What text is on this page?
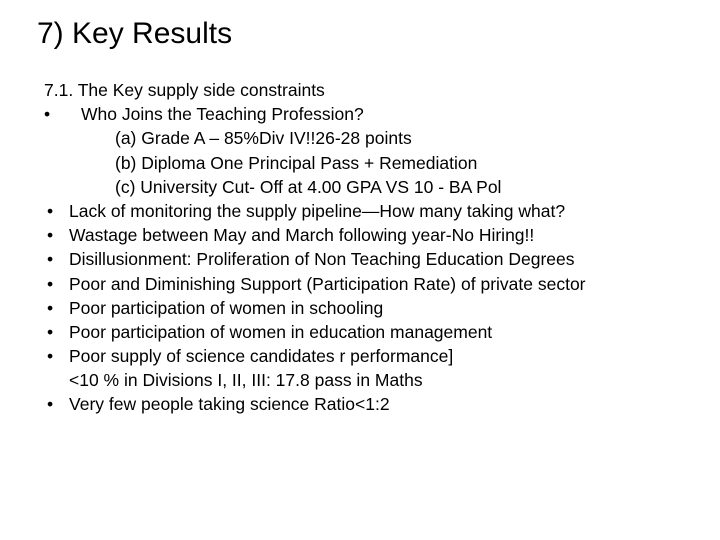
7) Key Results
7.1. The Key supply side constraints
• Who Joins the Teaching Profession?
(a) Grade A – 85%Div IV!!26-28 points
(b) Diploma One Principal Pass + Remediation
(c) University Cut- Off at 4.00 GPA VS 10 - BA Pol
• Lack of monitoring the supply pipeline—How many taking what?
• Wastage between May and March following year-No Hiring!!
• Disillusionment: Proliferation of Non Teaching Education Degrees
• Poor and Diminishing Support (Participation Rate) of private sector
• Poor participation of women in schooling
• Poor participation of women in education management
• Poor supply of science candidates r performance]
<10 % in Divisions I, II, III: 17.8 pass in Maths
• Very few people taking science Ratio<1:2
